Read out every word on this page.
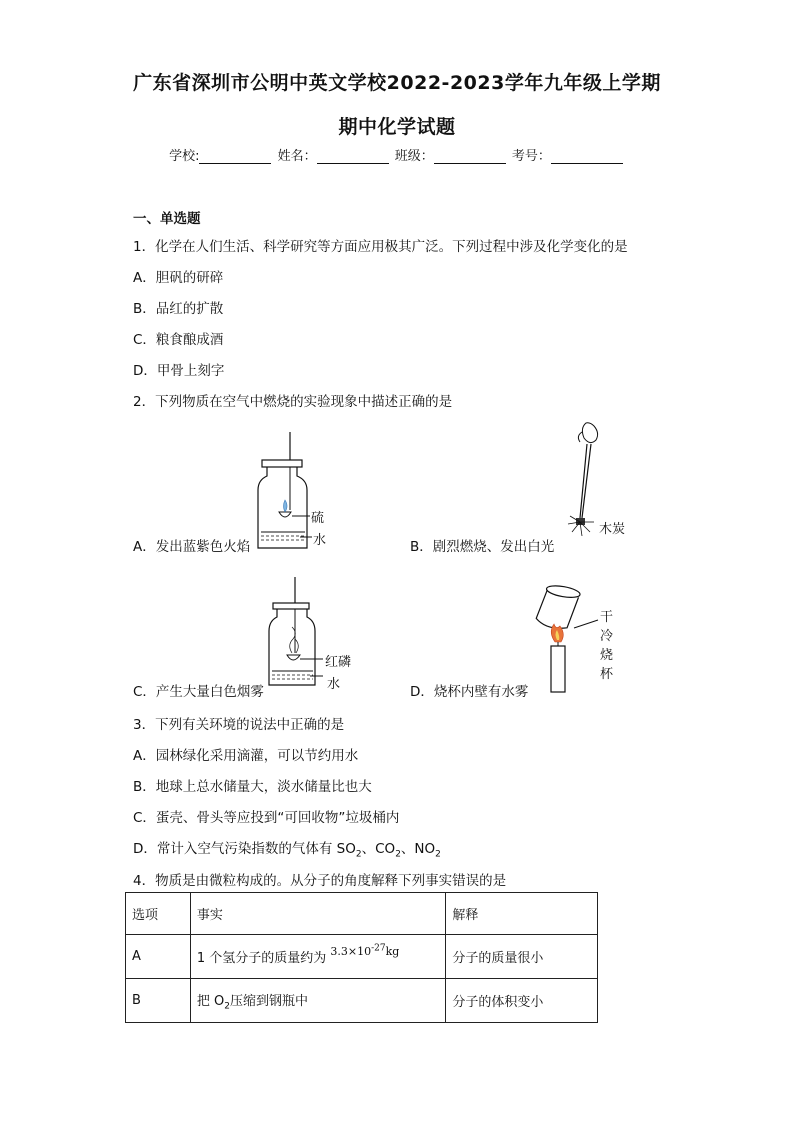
广东省深圳市公明中英文学校2022-2023学年九年级上学期
期中化学试题
学校:	姓名：	班级：	考号：
一、单选题
1．化学在人们生活、科学研究等方面应用极其广泛。下列过程中涉及化学变化的是
A．胆矾的研碎
B．品红的扩散
C．粮食酿成酒
D．甲骨上刻字
2．下列物质在空气中燃烧的实验现象中描述正确的是
A．发出蓝紫色火焰
硫
水	B．剧烈燃烧、发出白光
木炭
C．产生大量白色烟雾
红磷
水	D．烧杯内壁有水雾
干
冷
烧
杯
3．下列有关环境的说法中正确的是
A．园林绿化采用滴灌，可以节约用水
B．地球上总水储量大，淡水储量比也大
C．蛋壳、骨头等应投到“可回收物”垃圾桶内
D．常计入空气污染指数的气体有 $SO_2$、$CO_2$、$NO_2$
4．物质是由微粒构成的。从分子的角度解释下列事实错误的是
选项	事实	解释
A	1 个氢分子的质量约为 $^{3.3\times 10^{-27}kg}$	分子的质量很小
B	把 $O_2$压缩到钢瓶中	分子的体积变小
